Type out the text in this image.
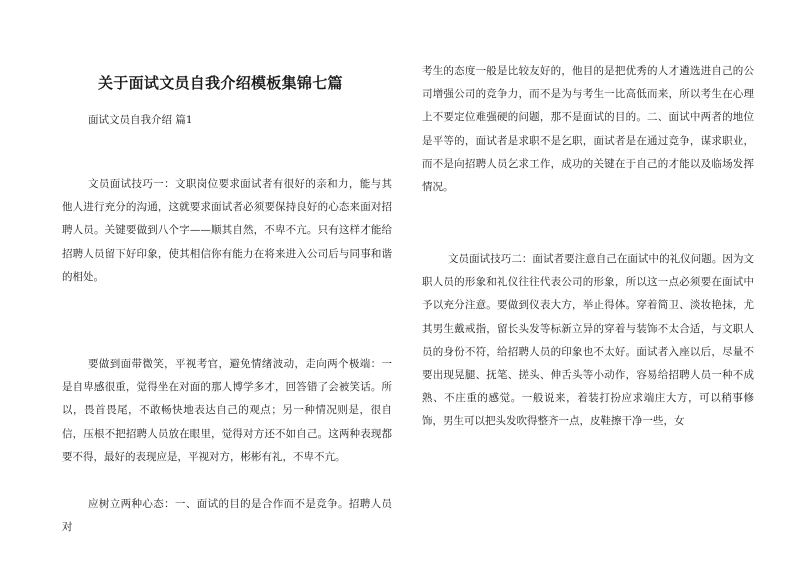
关于面试文员自我介绍模板集锦七篇
面试文员自我介绍 篇1

文员面试技巧一：文职岗位要求面试者有很好的亲和力，能与其他人进行充分的沟通，这就要求面试者必须要保持良好的心态来面对招聘人员。关键要做到八个字——顺其自然，不卑不亢。只有这样才能给招聘人员留下好印象，使其相信你有能力在将来进入公司后与同事和谐的相处。

要做到面带微笑，平视考官，避免情绪波动，走向两个极端：一是自卑感很重，觉得坐在对面的那人博学多才，回答错了会被笑话。所以，畏首畏尾，不敢畅快地表达自己的观点；另一种情况则是，很自信，压根不把招聘人员放在眼里，觉得对方还不如自己。这两种表现都要不得，最好的表现应是，平视对方，彬彬有礼，不卑不亢。

应树立两种心态：一、面试的目的是合作而不是竞争。招聘人员对

考生的态度一般是比较友好的，他目的是把优秀的人才遴选进自己的公司增强公司的竞争力，而不是为与考生一比高低而来，所以考生在心理上不要定位难强硬的问题，那不是面试的目的。二、面试中两者的地位是平等的，面试者是求职不是乞职，面试者是在通过竞争，谋求职业，而不是向招聘人员乞求工作，成功的关键在于自己的才能以及临场发挥情况。

文员面试技巧二：面试者要注意自己在面试中的礼仪问题。因为文职人员的形象和礼仪往往代表公司的形象，所以这一点必须要在面试中予以充分注意。要做到仪表大方，举止得体。穿着简卫、淡妆艳抹，尤其男生戴戒指，留长头发等标新立异的穿着与装饰不太合适，与文职人员的身份不符，给招聘人员的印象也不太好。面试者入座以后，尽量不要出现晃腿、抚笔、搓头、伸舌头等小动作，容易给招聘人员一种不成熟、不庄重的感觉。一般说来，着装打扮应求端庄大方，可以稍事修饰，男生可以把头发吹得整齐一点，皮鞋擦干净一些，女
